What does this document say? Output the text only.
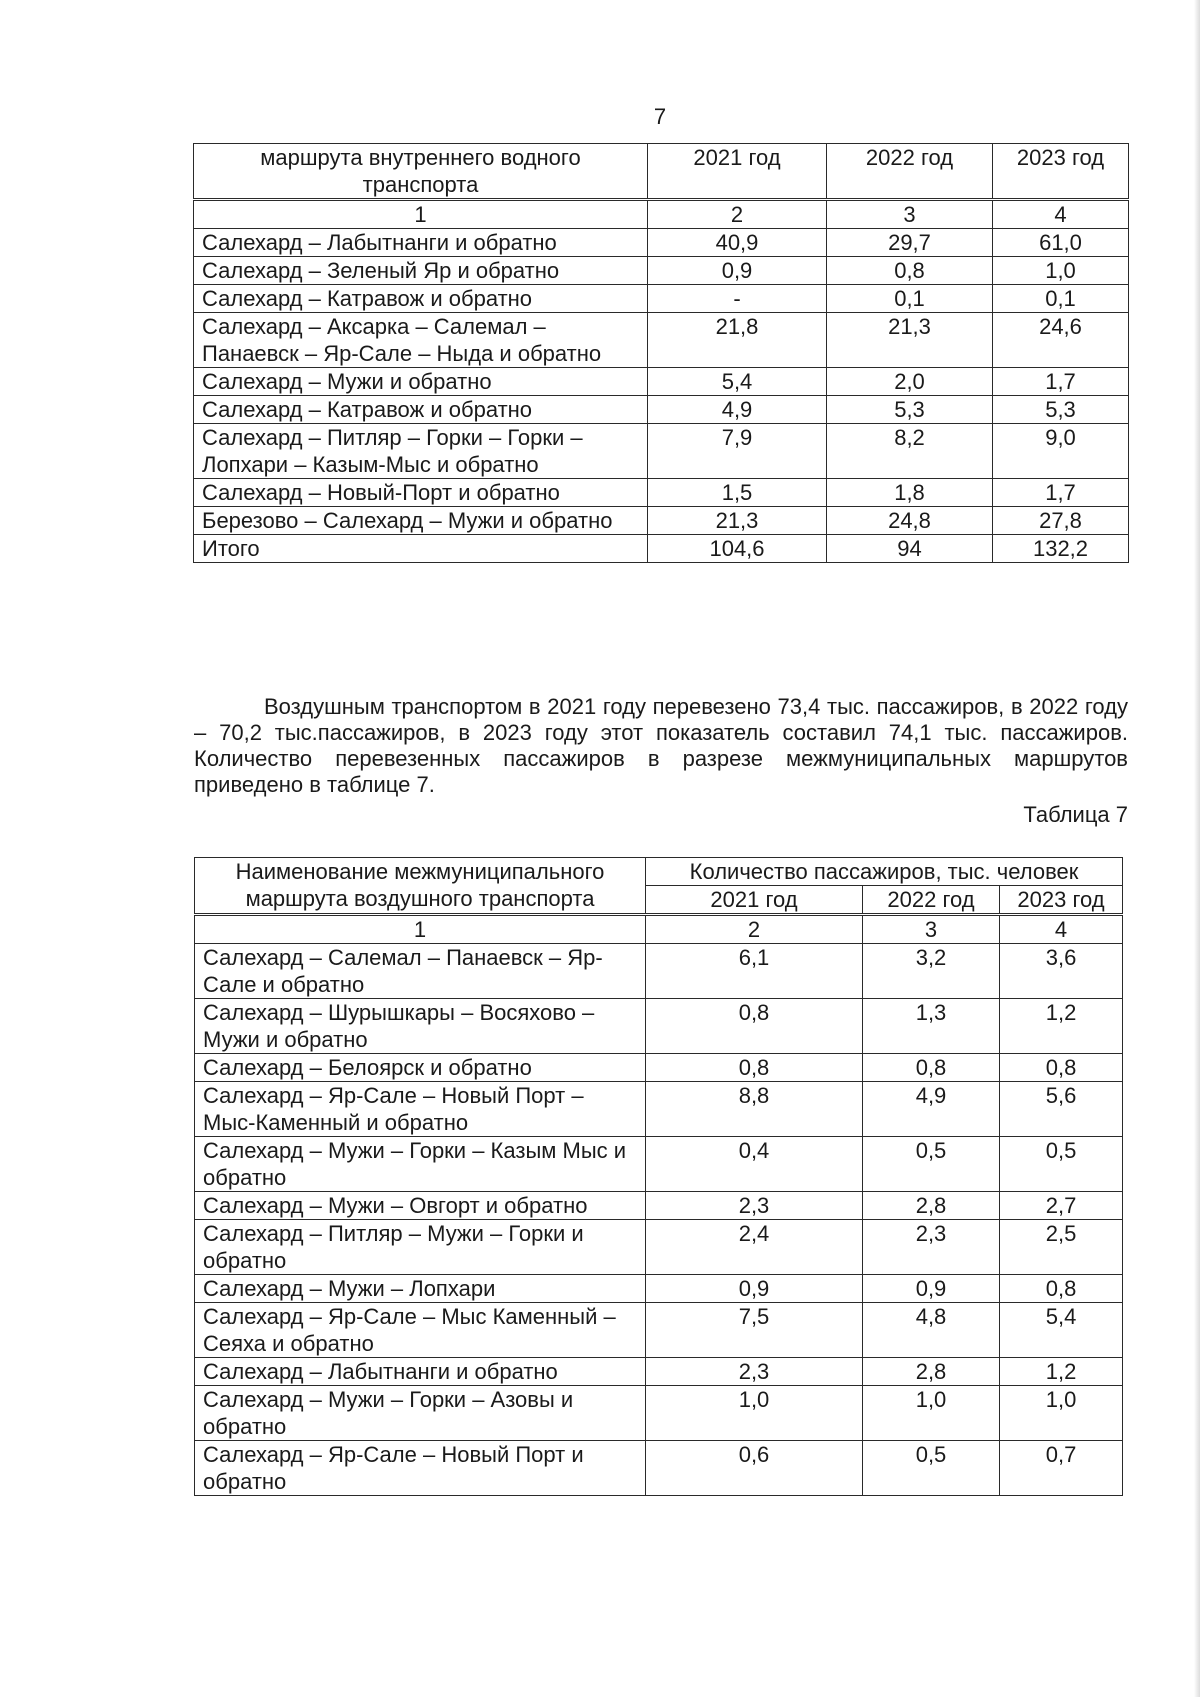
7
маршрута внутреннего водного транспорта	2021 год	2022 год	2023 год
1	2	3	4
Салехард – Лабытнанги и обратно	40,9	29,7	61,0
Салехард – Зеленый Яр и обратно	0,9	0,8	1,0
Салехард – Катравож и обратно	-	0,1	0,1
Салехард – Аксарка – Салемал – Панаевск – Яр-Сале – Ныда и обратно	21,8	21,3	24,6
Салехард – Мужи и обратно	5,4	2,0	1,7
Салехард – Катравож и обратно	4,9	5,3	5,3
Салехард – Питляр – Горки – Горки – Лопхари – Казым-Мыс и обратно	7,9	8,2	9,0
Салехард – Новый-Порт и обратно	1,5	1,8	1,7
Березово – Салехард – Мужи и обратно	21,3	24,8	27,8
Итого	104,6	94	132,2

Воздушным транспортом в 2021 году перевезено 73,4 тыс. пассажиров, в 2022 году – 70,2 тыс.пассажиров, в 2023 году этот показатель составил 74,1 тыс. пассажиров. Количество перевезенных пассажиров в разрезе межмуниципальных маршрутов приведено в таблице 7.

Таблица 7
Наименование межмуниципального маршрута воздушного транспорта	Количество пассажиров, тыс. человек		
	2021 год	2022 год	2023 год
1	2	3	4
Салехард – Салемал – Панаевск – Яр-Сале и обратно	6,1	3,2	3,6
Салехард – Шурышкары – Восяхово – Мужи и обратно	0,8	1,3	1,2
Салехард – Белоярск и обратно	0,8	0,8	0,8
Салехард – Яр-Сале – Новый Порт – Мыс-Каменный и обратно	8,8	4,9	5,6
Салехард – Мужи – Горки – Казым Мыс и обратно	0,4	0,5	0,5
Салехард – Мужи – Овгорт и обратно	2,3	2,8	2,7
Салехард – Питляр – Мужи – Горки и обратно	2,4	2,3	2,5
Салехард – Мужи – Лопхари	0,9	0,9	0,8
Салехард – Яр-Сале – Мыс Каменный – Сеяха и обратно	7,5	4,8	5,4
Салехард – Лабытнанги и обратно	2,3	2,8	1,2
Салехард – Мужи – Горки – Азовы и обратно	1,0	1,0	1,0
Салехард – Яр-Сале – Новый Порт и обратно	0,6	0,5	0,7
